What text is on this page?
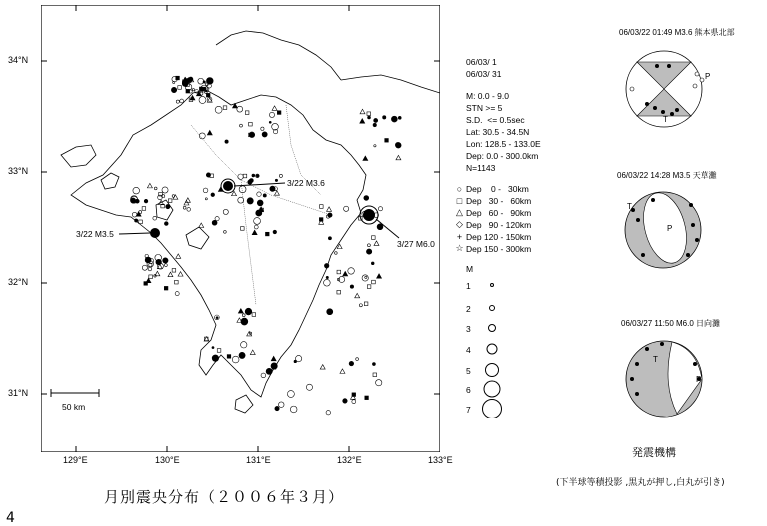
34°N
33°N
32°N
31°N
129°E	130°E	131°E	132°E	133°E
50 km
3/22 M3.6
3/22 M3.5
3/27 M6.0
06/03/ 1
06/03/ 31
M: 0.0 - 9.0
STN >= 5
S.D.  <= 0.5sec
Lat: 30.5 - 34.5N
Lon: 128.5 - 133.0E
Dep: 0.0 - 300.0km
N=1143
○ Dep    0 -   30km
□ Dep   30 -   60km
△ Dep   60 -   90km
◇ Dep   90 - 120km
+ Dep 120 - 150km
☆ Dep 150 - 300km
M
1
2
3
4
5
6
7
06/03/22 01:49 M3.6 熊本県北部
P
T
06/03/22 14:28 M3.5 天草灘
P
T
06/03/27 11:50 M6.0 日向灘
T
P
月別震央分布（２００６年３月）
発震機構
(下半球等積投影 ,黒丸が押し,白丸が引き)
4
